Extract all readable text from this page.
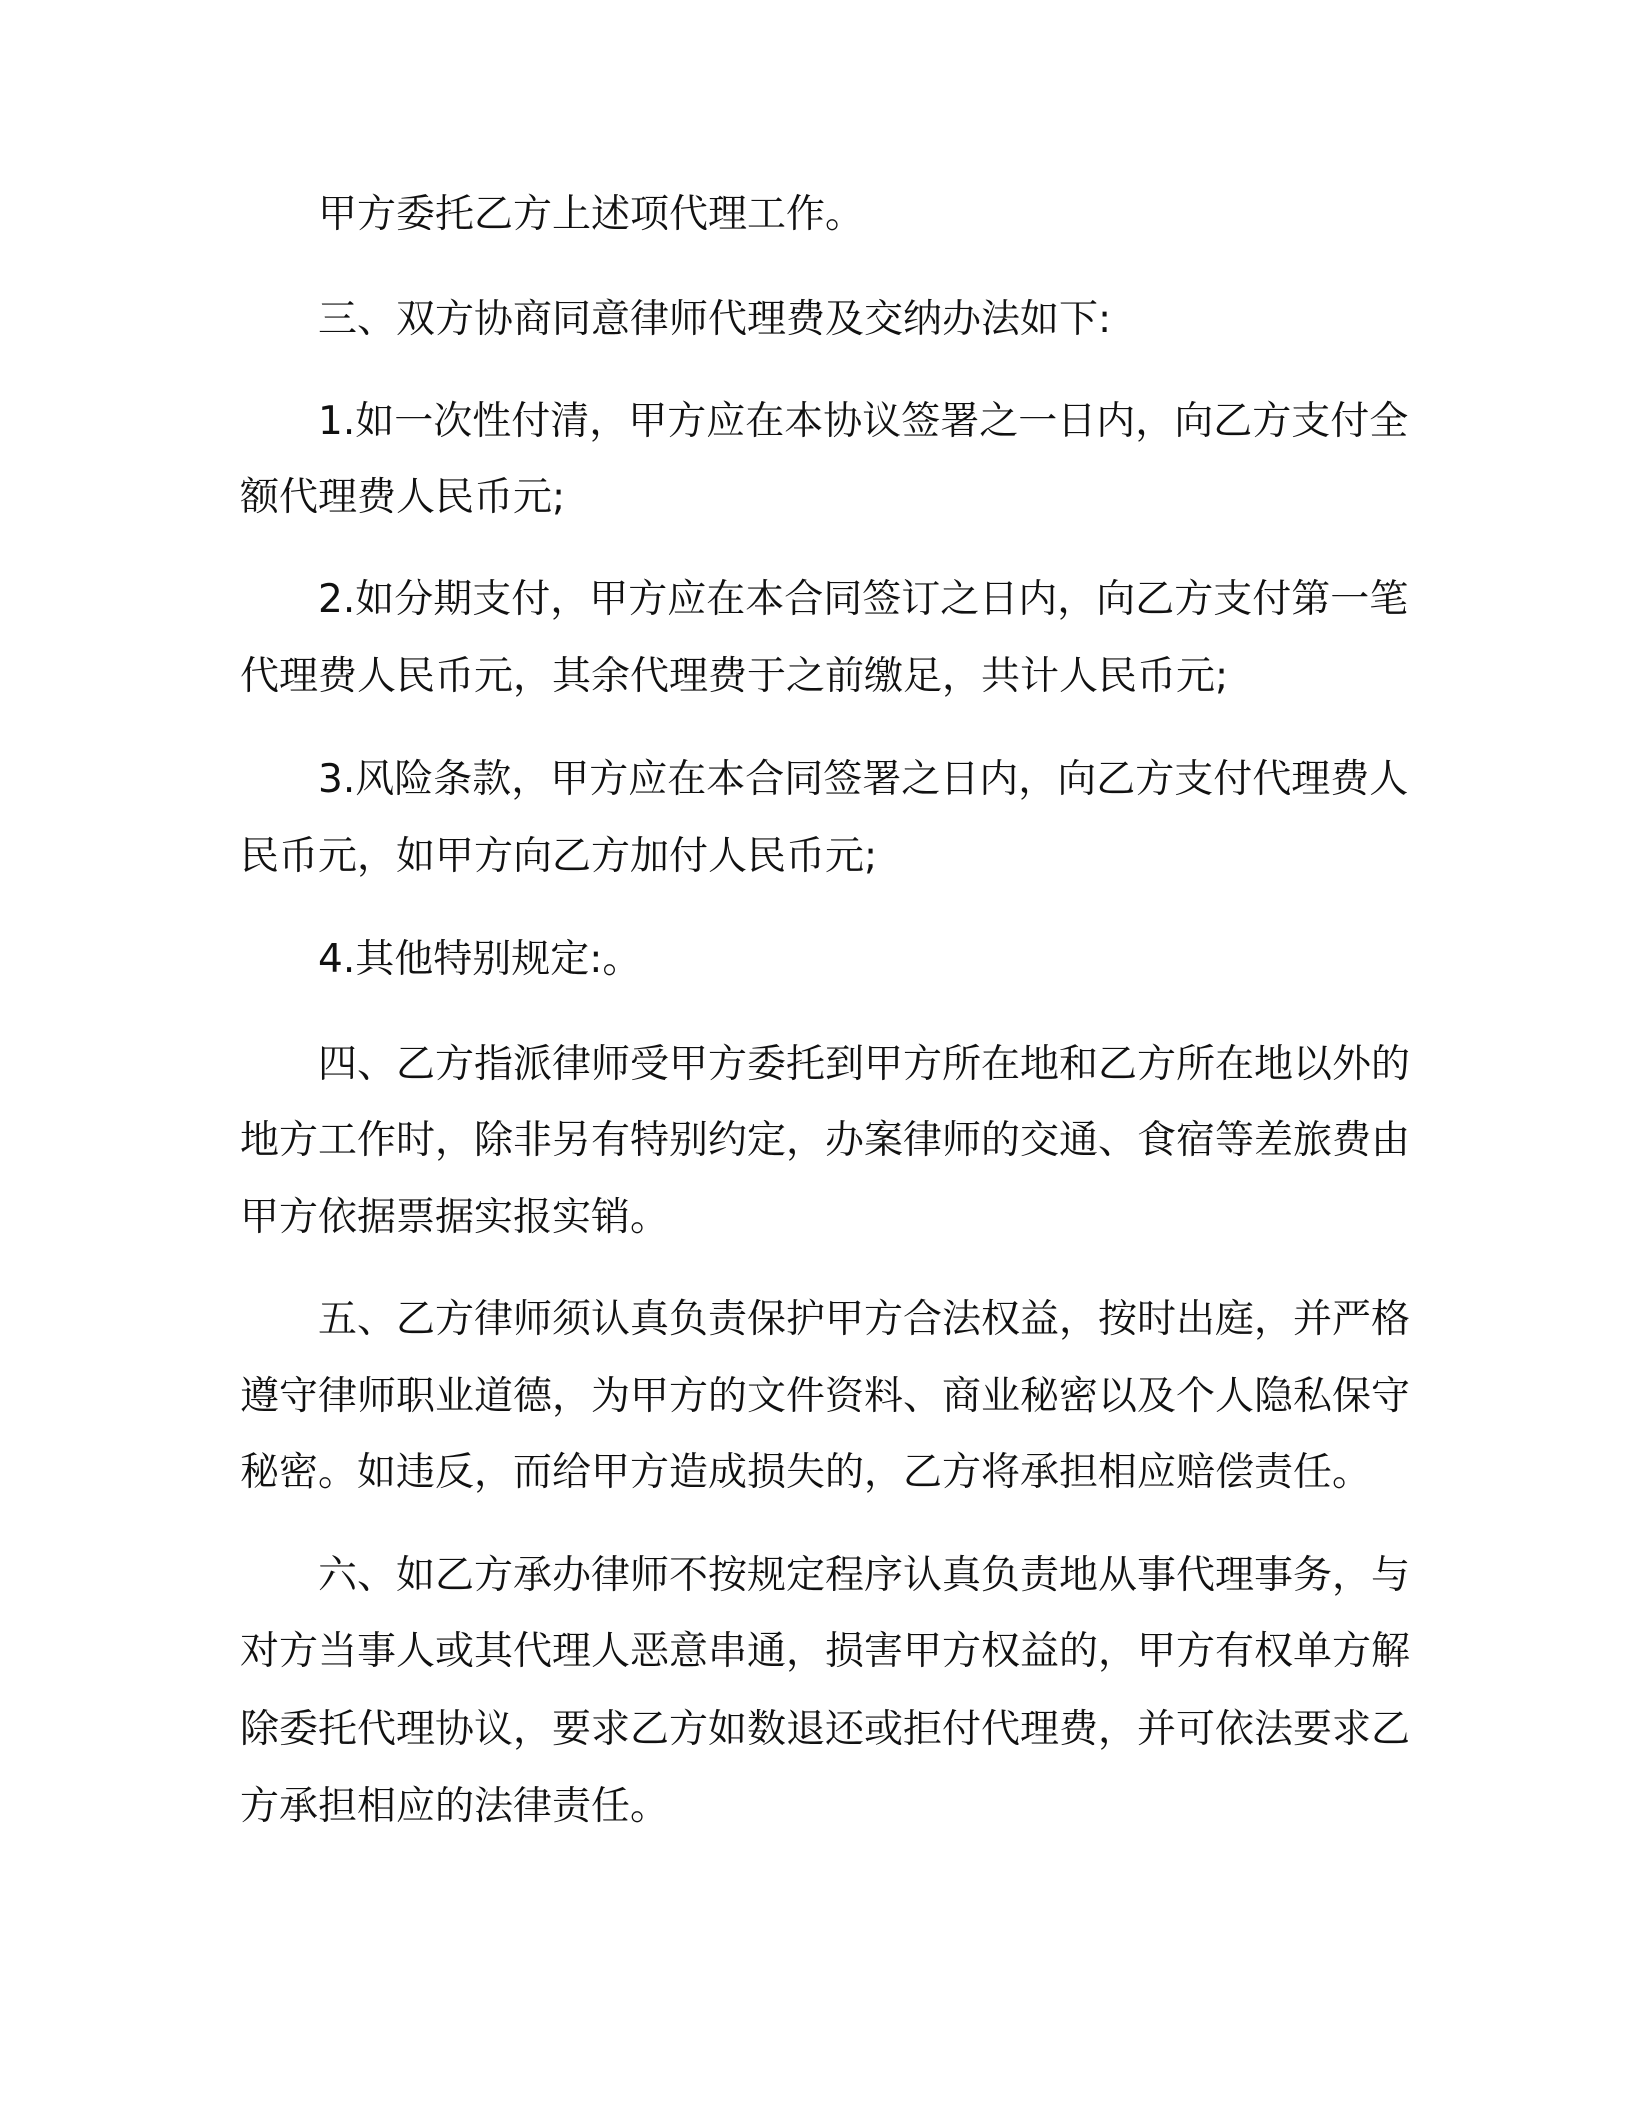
甲方委托乙方上述项代理工作。
三、双方协商同意律师代理费及交纳办法如下:
1.如一次性付清，甲方应在本协议签署之一日内，向乙方支付全
额代理费人民币元;
2.如分期支付，甲方应在本合同签订之日内，向乙方支付第一笔
代理费人民币元，其余代理费于之前缴足，共计人民币元;
3.风险条款，甲方应在本合同签署之日内，向乙方支付代理费人
民币元，如甲方向乙方加付人民币元;
4.其他特别规定:。
四、乙方指派律师受甲方委托到甲方所在地和乙方所在地以外的
地方工作时，除非另有特别约定，办案律师的交通、食宿等差旅费由
甲方依据票据实报实销。
五、乙方律师须认真负责保护甲方合法权益，按时出庭，并严格
遵守律师职业道德，为甲方的文件资料、商业秘密以及个人隐私保守
秘密。如违反，而给甲方造成损失的，乙方将承担相应赔偿责任。
六、如乙方承办律师不按规定程序认真负责地从事代理事务，与
对方当事人或其代理人恶意串通，损害甲方权益的，甲方有权单方解
除委托代理协议，要求乙方如数退还或拒付代理费，并可依法要求乙
方承担相应的法律责任。
